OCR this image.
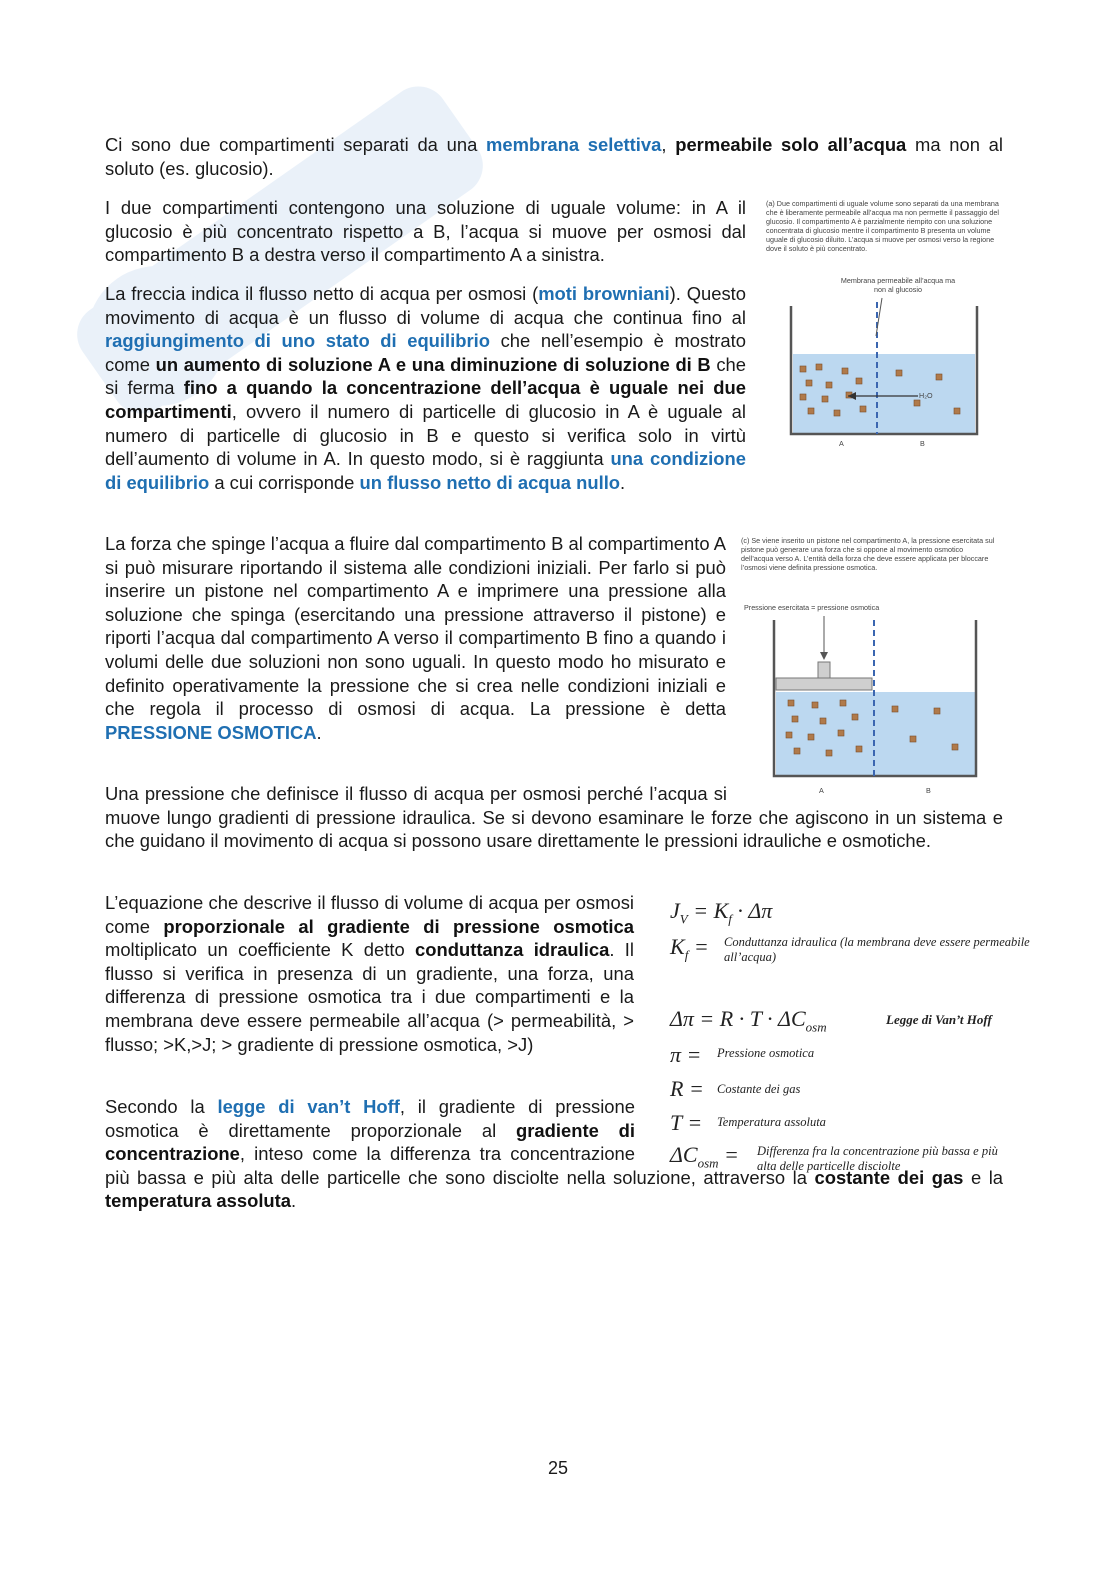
Ci sono due compartimenti separati da una membrana selettiva, permeabile solo all’acqua ma non al soluto (es. glucosio).
I due compartimenti contengono una soluzione di uguale volume: in A il glucosio è più concentrato rispetto a B, l’acqua si muove per osmosi dal compartimento B a destra verso il compartimento A a sinistra.
La freccia indica il flusso netto di acqua per osmosi (moti browniani). Questo movimento di acqua è un flusso di volume di acqua che continua fino al raggiungimento di uno stato di equilibrio che nell’esempio è mostrato come un aumento di soluzione A e una diminuzione di soluzione di B che si ferma fino a quando la concentrazione dell’acqua è uguale nei due compartimenti, ovvero il numero di particelle di glucosio in A è uguale al numero di particelle di glucosio in B e questo si verifica solo in virtù dell’aumento di volume in A. In questo modo, si è raggiunta una condizione di equilibrio a cui corrisponde un flusso netto di acqua nullo.
(a) Due compartimenti di uguale volume sono separati da una membrana che è liberamente permeabile all’acqua ma non permette il passaggio del glucosio. Il compartimento A è parzialmente riempito con una soluzione concentrata di glucosio mentre il compartimento B presenta un volume uguale di glucosio diluito. L’acqua si muove per osmosi verso la regione dove il soluto è più concentrato.
Membrana permeabile all’acqua ma non al glucosio
H₂O
A	B
La forza che spinge l’acqua a fluire dal compartimento B al compartimento A si può misurare riportando il sistema alle condizioni iniziali. Per farlo si può inserire un pistone nel compartimento A e imprimere una pressione alla soluzione che spinga (esercitando una pressione attraverso il pistone) e riporti l’acqua dal compartimento A verso il compartimento B fino a quando i volumi delle due soluzioni non sono uguali. In questo modo ho misurato e definito operativamente la pressione che si crea nelle condizioni iniziali e che regola il processo di osmosi di acqua. La pressione è detta PRESSIONE OSMOTICA.
(c) Se viene inserito un pistone nel compartimento A, la pressione esercitata sul pistone può generare una forza che si oppone al movimento osmotico dell’acqua verso A. L’entità della forza che deve essere applicata per bloccare l’osmosi viene definita pressione osmotica.
Pressione esercitata = pressione osmotica
A	B
Una pressione che definisce il flusso di acqua per osmosi perché l’acqua si muove lungo gradienti di pressione idraulica. Se si devono esaminare le forze che agiscono in un sistema e che guidano il movimento di acqua si possono usare direttamente le pressioni idrauliche e osmotiche.
L’equazione che descrive il flusso di volume di acqua per osmosi come proporzionale al gradiente di pressione osmotica moltiplicato un coefficiente K detto conduttanza idraulica. Il flusso si verifica in presenza di un gradiente, una forza, una differenza di pressione osmotica tra i due compartimenti e la membrana deve essere permeabile all’acqua (> permeabilità, > flusso; >K,>J; > gradiente di pressione osmotica, >J)
Secondo la legge di van’t Hoff, il gradiente di pressione osmotica è direttamente proporzionale al gradiente di concentrazione, inteso come la differenza tra concentrazione più bassa e più alta delle particelle che sono disciolte nella soluzione, attraverso la costante dei gas e la temperatura assoluta.
$J_V = K_f \cdot \Delta\pi$
$K_f$ = Conduttanza idraulica (la membrana deve essere permeabile all’acqua)
$\Delta\pi = R \cdot T \cdot \Delta C_{osm}$	Legge di Van’t Hoff
π = Pressione osmotica
R = Costante dei gas
T = Temperatura assoluta
$\Delta C_{osm}$ = Differenza fra la concentrazione più bassa e più alta delle particelle disciolte
25
